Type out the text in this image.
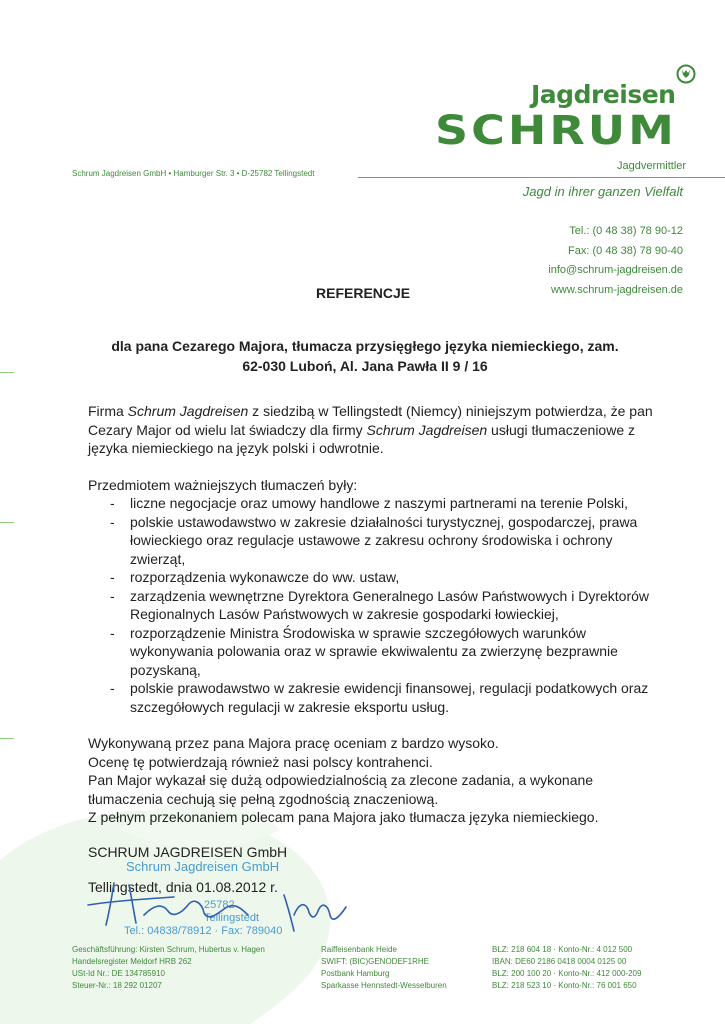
Jagdreisen
SCHRUM
Jagdvermittler
Schrum Jagdreisen GmbH • Hamburger Str. 3 • D-25782 Tellingstedt
Jagd in ihrer ganzen Vielfalt
Tel.: (0 48 38) 78 90-12
Fax: (0 48 38) 78 90-40
info@schrum-jagdreisen.de
www.schrum-jagdreisen.de
REFERENCJE
dla pana Cezarego Majora, tłumacza przysięgłego języka niemieckiego, zam.
62-030 Luboń, Al. Jana Pawła II 9 / 16

Firma Schrum Jagdreisen z siedzibą w Tellingstedt (Niemcy) niniejszym potwierdza, że pan Cezary Major od wielu lat świadczy dla firmy Schrum Jagdreisen usługi tłumaczeniowe z języka niemieckiego na język polski i odwrotnie.

Przedmiotem ważniejszych tłumaczeń były:

- liczne negocjacje oraz umowy handlowe z naszymi partnerami na terenie Polski,
- polskie ustawodawstwo w zakresie działalności turystycznej, gospodarczej, prawa łowieckiego oraz regulacje ustawowe z zakresu ochrony środowiska i ochrony zwierząt,
- rozporządzenia wykonawcze do ww. ustaw,
- zarządzenia wewnętrzne Dyrektora Generalnego Lasów Państwowych i Dyrektorów Regionalnych Lasów Państwowych w zakresie gospodarki łowieckiej,
- rozporządzenie Ministra Środowiska w sprawie szczegółowych warunków wykonywania polowania oraz w sprawie ekwiwalentu za zwierzynę bezprawnie pozyskaną,
- polskie prawodawstwo w zakresie ewidencji finansowej, regulacji podatkowych oraz szczegółowych regulacji w zakresie eksportu usług.

Wykonywaną przez pana Majora pracę oceniam z bardzo wysoko.

Ocenę tę potwierdzają również nasi polscy kontrahenci.

Pan Major wykazał się dużą odpowiedzialnością za zlecone zadania, a wykonane tłumaczenia cechują się pełną zgodnością znaczeniową.

Z pełnym przekonaniem polecam pana Majora jako tłumacza języka niemieckiego.

SCHRUM JAGDREISEN GmbH
Schrum Jagdreisen GmbH
25782 Tellingstedt
Tel.: 04838/78912 · Fax: 789040
Tellingstedt, dnia 01.08.2012 r.
Geschäftsführung: Kirsten Schrum, Hubertus v. Hagen
Handelsregister Meldorf HRB 262
USt-Id Nr.: DE 134785910
Steuer-Nr.: 18 292 01207
Raiffeisenbank Heide
SWIFT: (BIC)GENODEF1RHE
Postbank Hamburg
Sparkasse Hennstedt-Wesselburen
BLZ: 218 604 18 · Konto-Nr.: 4 012 500
IBAN: DE60 2186 0418 0004 0125 00
BLZ: 200 100 20 · Konto-Nr.: 412 000-209
BLZ: 218 523 10 · Konto-Nr.: 76 001 650
